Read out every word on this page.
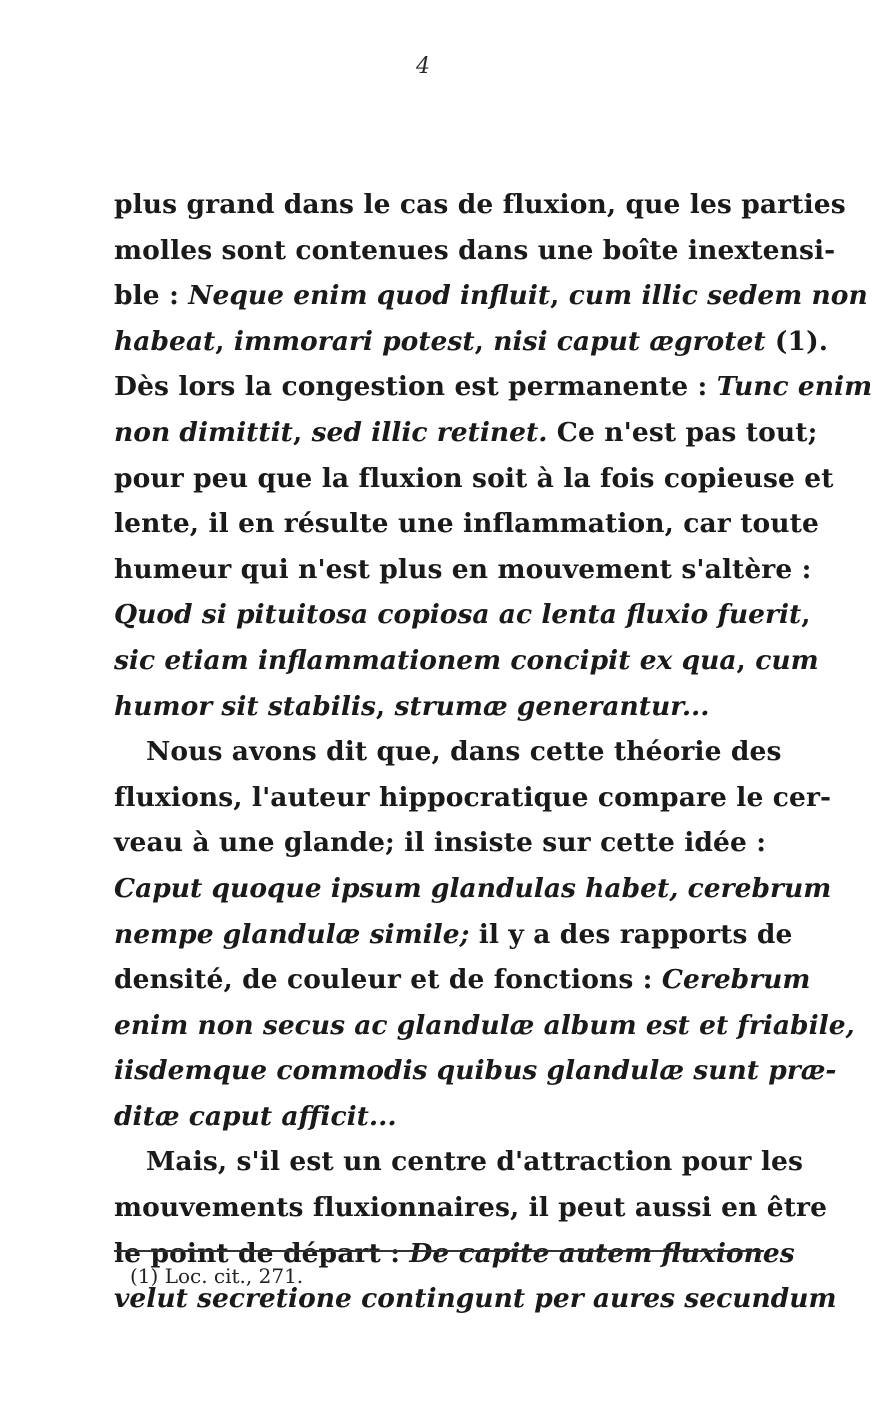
4
plus grand dans le cas de fluxion, que les parties
molles sont contenues dans une boîte inextensi-
ble : Neque enim quod influit, cum illic sedem non
habeat, immorari potest, nisi caput ægrotet (1).
Dès lors la congestion est permanente : Tunc enim
non dimittit, sed illic retinet. Ce n'est pas tout;
pour peu que la fluxion soit à la fois copieuse et
lente, il en résulte une inflammation, car toute
humeur qui n'est plus en mouvement s'altère :
Quod si pituitosa copiosa ac lenta fluxio fuerit,
sic etiam inflammationem concipit ex qua, cum
humor sit stabilis, strumæ generantur...
Nous avons dit que, dans cette théorie des
fluxions, l'auteur hippocratique compare le cer-
veau à une glande; il insiste sur cette idée :
Caput quoque ipsum glandulas habet, cerebrum
nempe glandulæ simile; il y a des rapports de
densité, de couleur et de fonctions : Cerebrum
enim non secus ac glandulæ album est et friabile,
iisdemque commodis quibus glandulæ sunt præ-
ditæ caput afficit...
Mais, s'il est un centre d'attraction pour les
mouvements fluxionnaires, il peut aussi en être
le point de départ : De capite autem fluxiones
velut secretione contingunt per aures secundum
(1) Loc. cit., 271.
